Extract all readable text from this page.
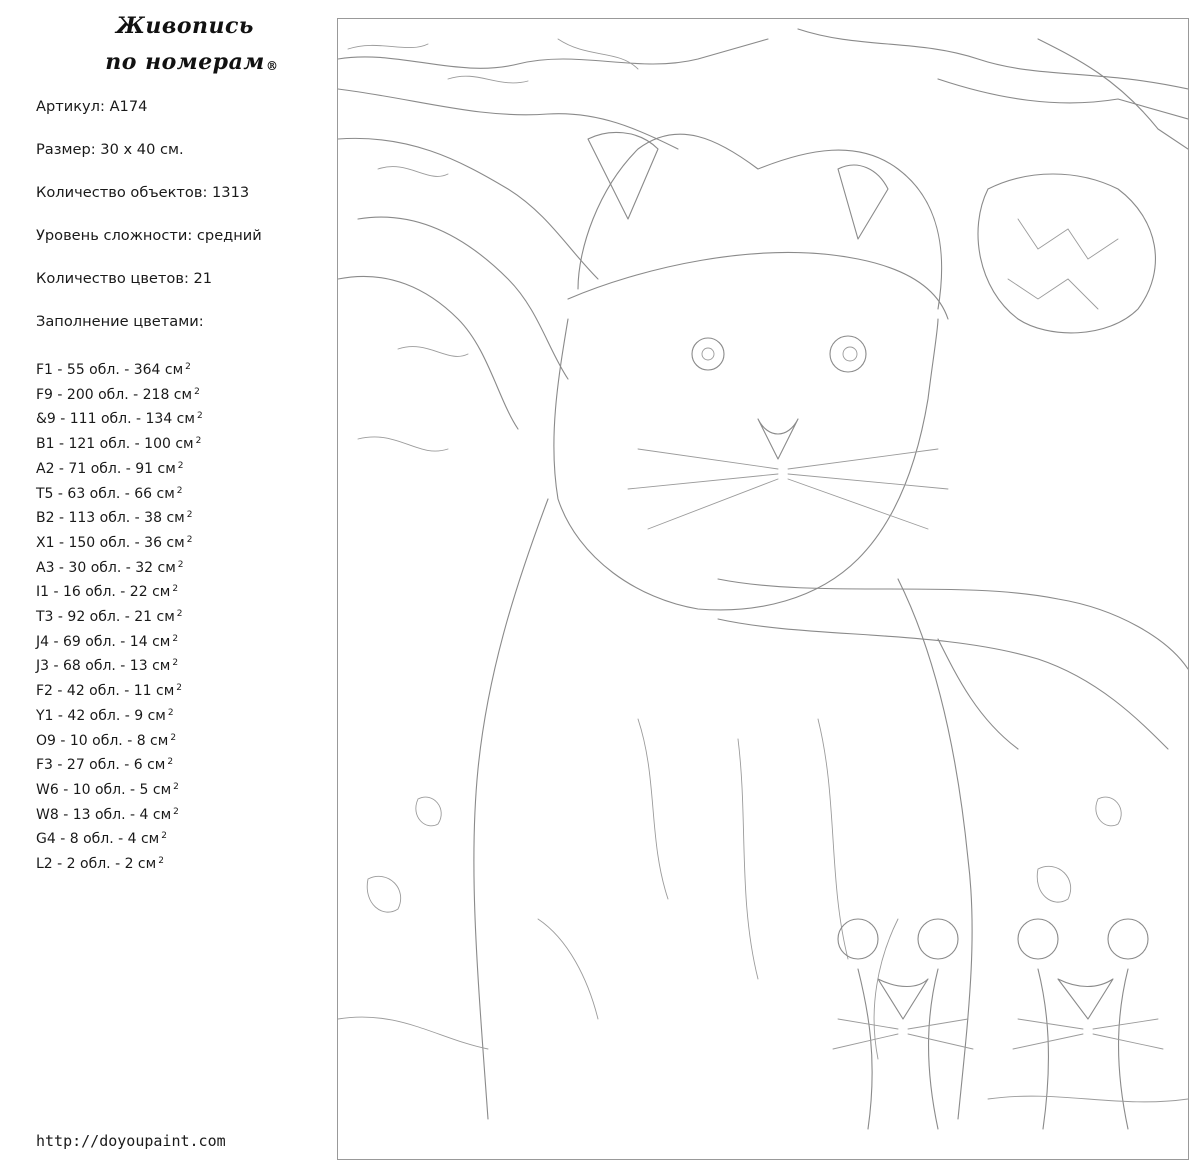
Живопись
по номерам ®

Артикул: A174

Размер: 30 х 40 см.

Количество объектов: 1313

Уровень сложности: средний

Количество цветов: 21

Заполнение цветами:

F1 - 55 обл. - 364 см $^2$
F9 - 200 обл. - 218 см $^2$
&9 - 111 обл. - 134 см $^2$
B1 - 121 обл. - 100 см $^2$
A2 - 71 обл. - 91 см $^2$
T5 - 63 обл. - 66 см $^2$
B2 - 113 обл. - 38 см $^2$
X1 - 150 обл. - 36 см $^2$
A3 - 30 обл. - 32 см $^2$
I1 - 16 обл. - 22 см $^2$
T3 - 92 обл. - 21 см $^2$
J4 - 69 обл. - 14 см $^2$
J3 - 68 обл. - 13 см $^2$
F2 - 42 обл. - 11 см $^2$
Y1 - 42 обл. - 9 см $^2$
O9 - 10 обл. - 8 см $^2$
F3 - 27 обл. - 6 см $^2$
W6 - 10 обл. - 5 см $^2$
W8 - 13 обл. - 4 см $^2$
G4 - 8 обл. - 4 см $^2$
L2 - 2 обл. - 2 см $^2$
http://doyoupaint.com
